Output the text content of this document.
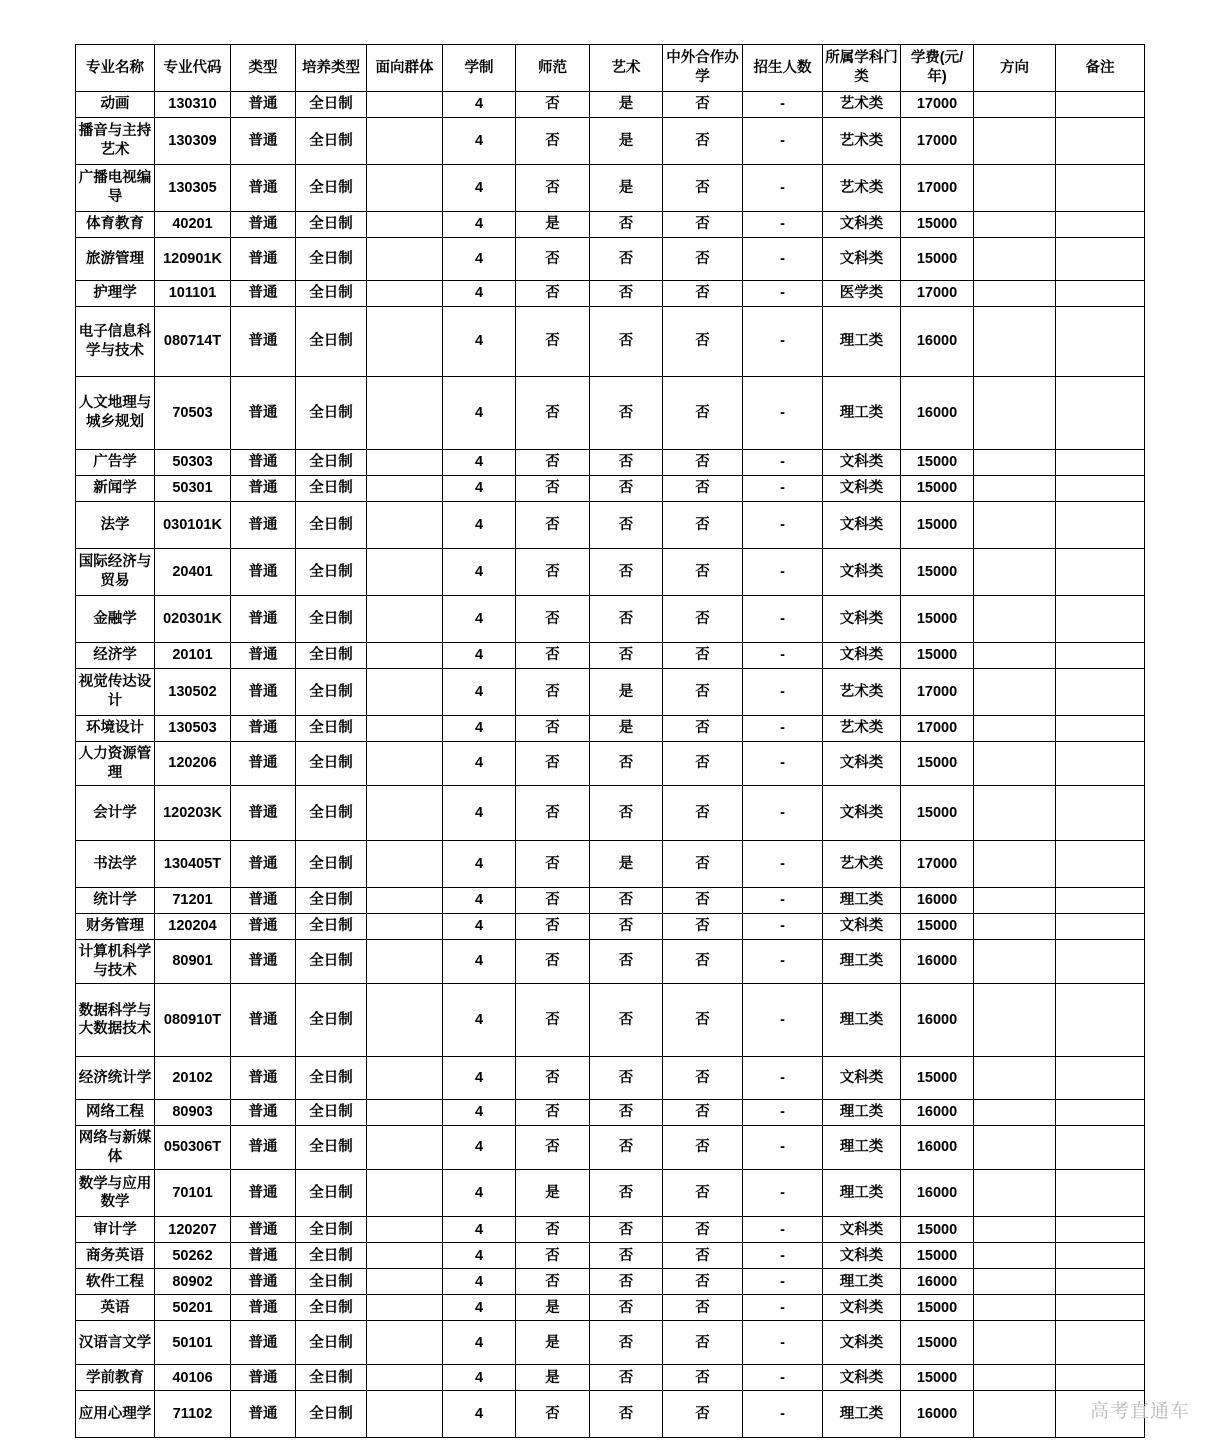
专业名称	专业代码	类型	培养类型	面向群体	学制	师范	艺术	中外合作办学	招生人数	所属学科门类	学费(元/年)	方向	备注
动画	130310	普通	全日制		4	否	是	否	-	艺术类	17000		
播音与主持艺术	130309	普通	全日制		4	否	是	否	-	艺术类	17000		
广播电视编导	130305	普通	全日制		4	否	是	否	-	艺术类	17000		
体育教育	40201	普通	全日制		4	是	否	否	-	文科类	15000		
旅游管理	120901K	普通	全日制		4	否	否	否	-	文科类	15000		
护理学	101101	普通	全日制		4	否	否	否	-	医学类	17000		
电子信息科学与技术	080714T	普通	全日制		4	否	否	否	-	理工类	16000		
人文地理与城乡规划	70503	普通	全日制		4	否	否	否	-	理工类	16000		
广告学	50303	普通	全日制		4	否	否	否	-	文科类	15000		
新闻学	50301	普通	全日制		4	否	否	否	-	文科类	15000		
法学	030101K	普通	全日制		4	否	否	否	-	文科类	15000		
国际经济与贸易	20401	普通	全日制		4	否	否	否	-	文科类	15000		
金融学	020301K	普通	全日制		4	否	否	否	-	文科类	15000		
经济学	20101	普通	全日制		4	否	否	否	-	文科类	15000		
视觉传达设计	130502	普通	全日制		4	否	是	否	-	艺术类	17000		
环境设计	130503	普通	全日制		4	否	是	否	-	艺术类	17000		
人力资源管理	120206	普通	全日制		4	否	否	否	-	文科类	15000		
会计学	120203K	普通	全日制		4	否	否	否	-	文科类	15000		
书法学	130405T	普通	全日制		4	否	是	否	-	艺术类	17000		
统计学	71201	普通	全日制		4	否	否	否	-	理工类	16000		
财务管理	120204	普通	全日制		4	否	否	否	-	文科类	15000		
计算机科学与技术	80901	普通	全日制		4	否	否	否	-	理工类	16000		
数据科学与大数据技术	080910T	普通	全日制		4	否	否	否	-	理工类	16000		
经济统计学	20102	普通	全日制		4	否	否	否	-	文科类	15000		
网络工程	80903	普通	全日制		4	否	否	否	-	理工类	16000		
网络与新媒体	050306T	普通	全日制		4	否	否	否	-	理工类	16000		
数学与应用数学	70101	普通	全日制		4	是	否	否	-	理工类	16000		
审计学	120207	普通	全日制		4	否	否	否	-	文科类	15000		
商务英语	50262	普通	全日制		4	否	否	否	-	文科类	15000		
软件工程	80902	普通	全日制		4	否	否	否	-	理工类	16000		
英语	50201	普通	全日制		4	是	否	否	-	文科类	15000		
汉语言文学	50101	普通	全日制		4	是	否	否	-	文科类	15000		
学前教育	40106	普通	全日制		4	是	否	否	-	文科类	15000		
应用心理学	71102	普通	全日制		4	否	否	否	-	理工类	16000			高考直通车
